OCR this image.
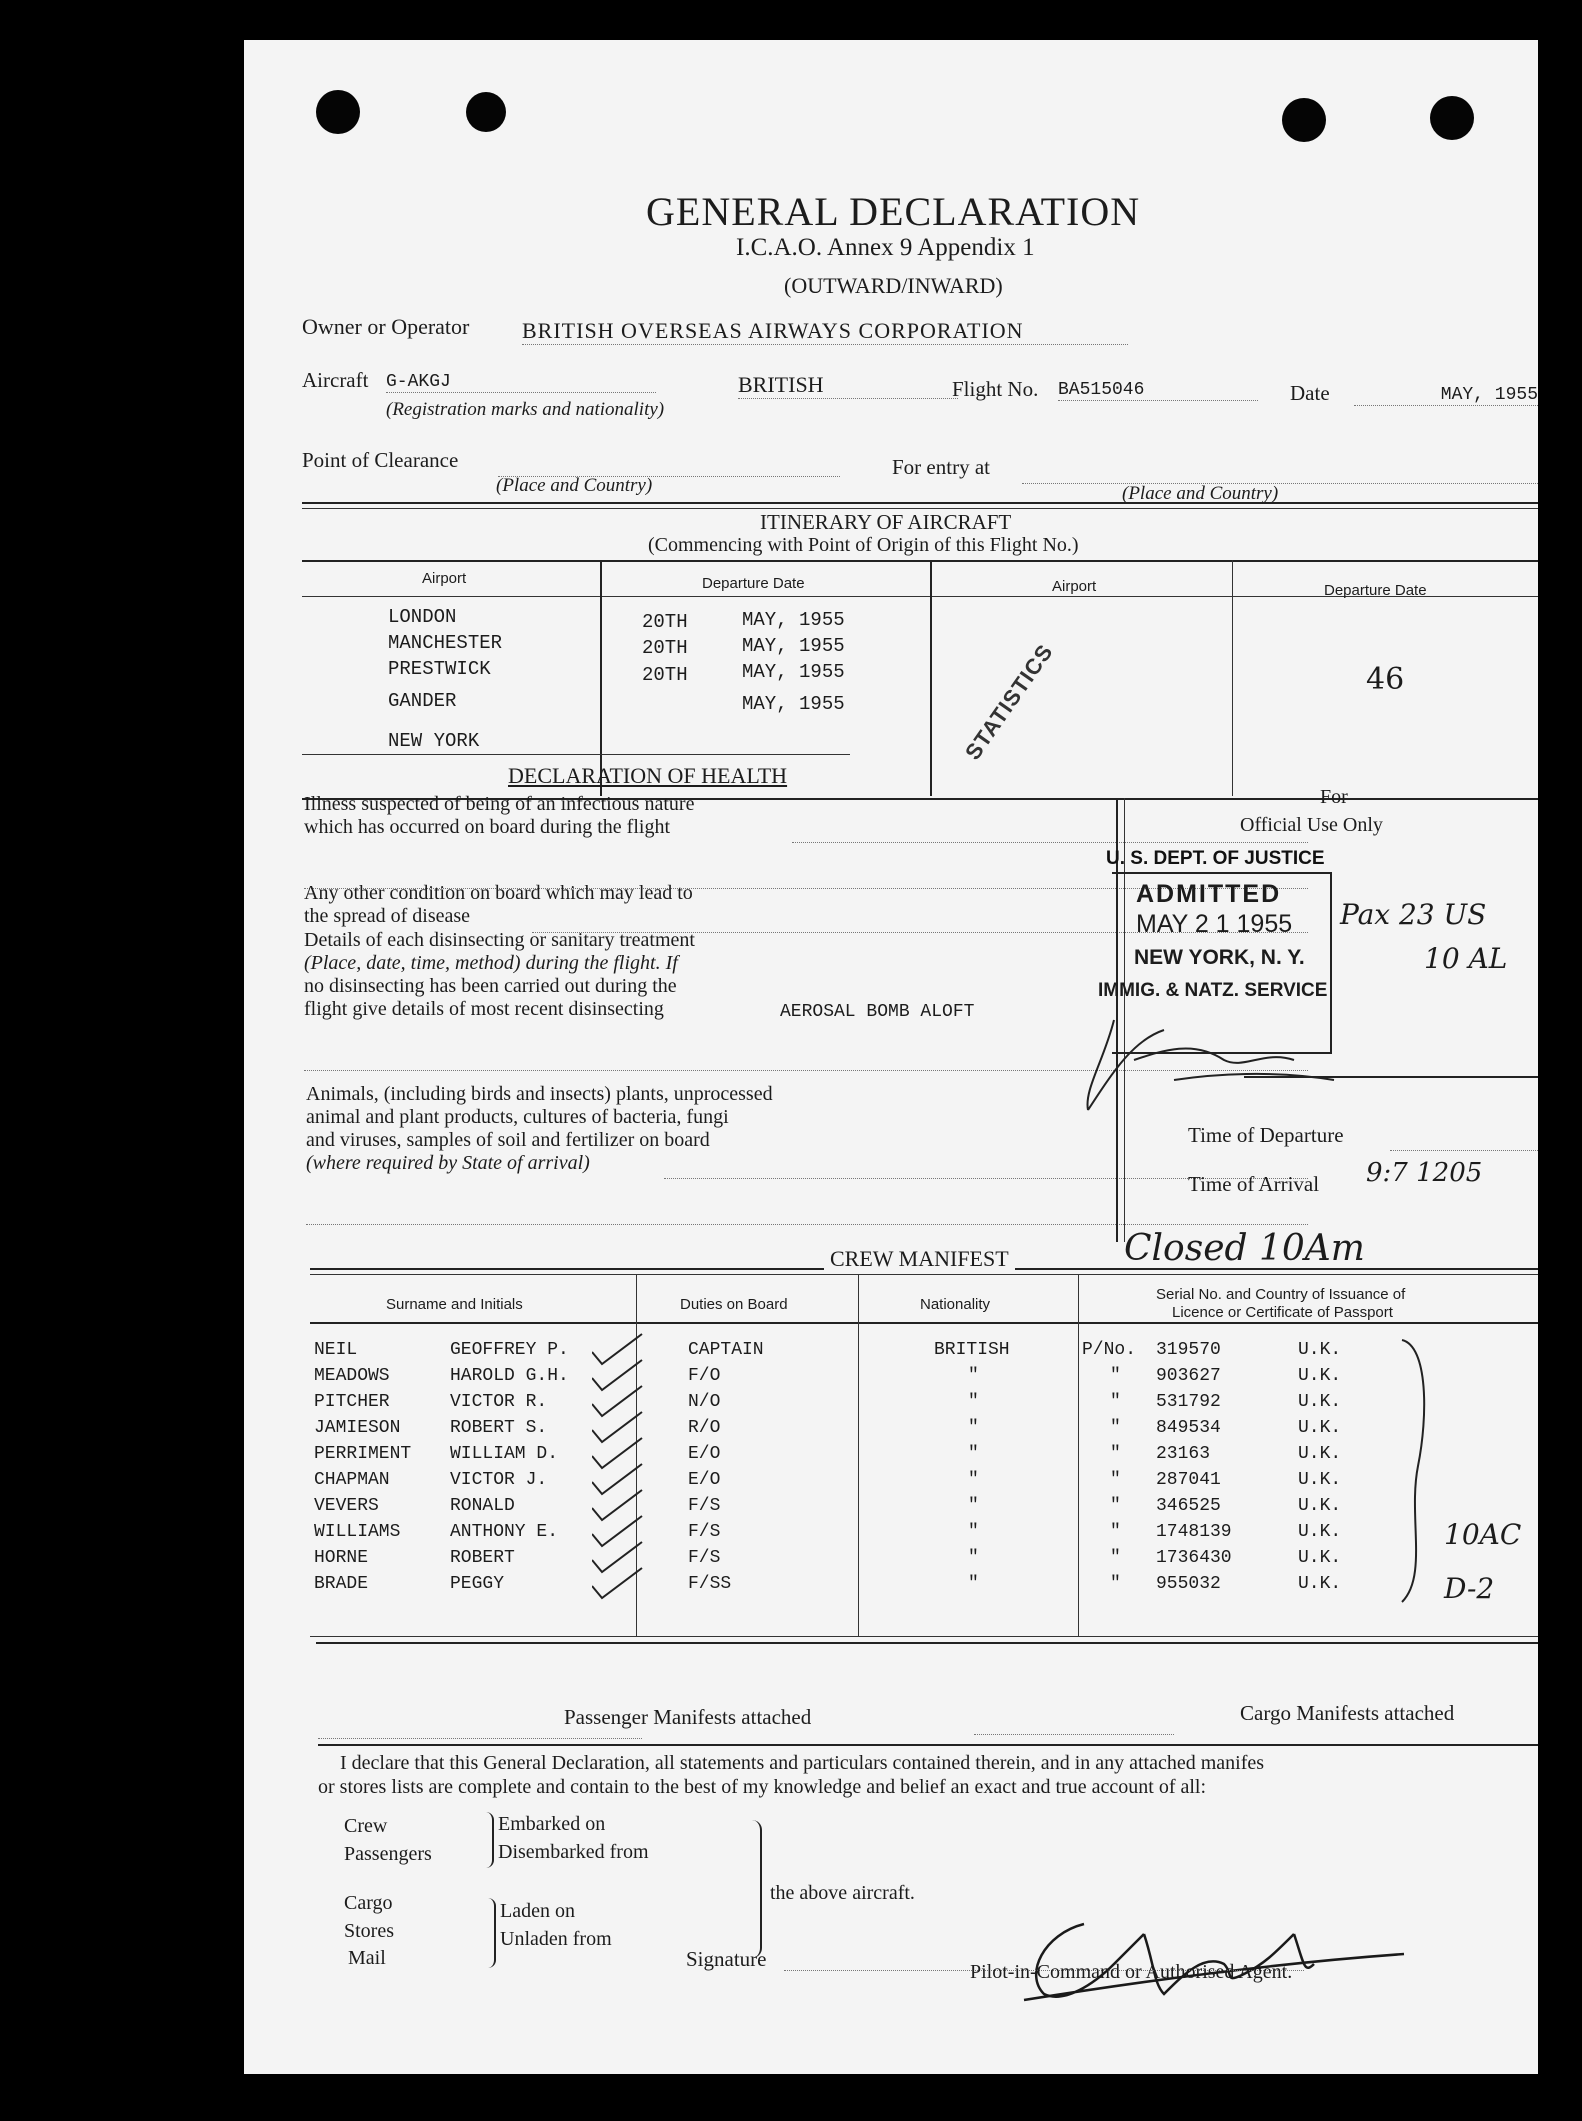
GENERAL DECLARATION
I.C.A.O. Annex 9 Appendix 1
(OUTWARD/INWARD)
Owner or Operator BRITISH OVERSEAS AIRWAYS CORPORATION
Aircraft G-AKGJ	BRITISH
(Registration marks and nationality)
Flight No. BA515046	Date	MAY, 1955
Point of Clearance
(Place and Country)
For entry at
(Place and Country)
ITINERARY OF AIRCRAFT
(Commencing with Point of Origin of this Flight No.)
Airport	Departure Date	Airport	Departure Date
LONDON	20TH	MAY, 1955
MANCHESTER	20TH	MAY, 1955
PRESTWICK	20TH	MAY, 1955
GANDER	MAY, 1955
NEW YORK
46
STATISTICS
DECLARATION OF HEALTH
Illness suspected of being of an infectious nature
which has occurred on board during the flight
Any other condition on board which may lead to
the spread of disease
Details of each disinsecting or sanitary treatment
(Place, date, time, method) during the flight. If
no disinsecting has been carried out during the
flight give details of most recent disinsecting	AEROSAL BOMB ALOFT
Animals, (including birds and insects) plants, unprocessed
animal and plant products, cultures of bacteria, fungi
and viruses, samples of soil and fertilizer on board
(where required by State of arrival)
For
Official Use Only
U. S. DEPT. OF JUSTICE
ADMITTED
MAY 2 1 1955
NEW YORK, N. Y.
IMMIG. & NATZ. SERVICE
Pax 23 US
10 AL
Time of Departure
Time of Arrival 9:7 1205
Closed 10Am
CREW MANIFEST
Surname and Initials	Duties on Board	Nationality
Serial No. and Country of Issuance of
Licence or Certificate of Passport
NEIL	GEOFFREY P.	CAPTAIN	BRITISH	P/No. 319570	U.K.
MEADOWS	HAROLD G.H.	F/O	"	" 903627	U.K.
PITCHER	VICTOR R.	N/O	"	" 531792	U.K.
JAMIESON	ROBERT S.	R/O	"	" 849534	U.K.
PERRIMENT WILLIAM D.	E/O	"	" 23163	U.K.
CHAPMAN	VICTOR J.	E/O	"	" 287041	U.K.
VEVERS	RONALD	F/S	"	" 346525	U.K.
WILLIAMS	ANTHONY E.	F/S	"	" 1748139	U.K.
HORNE	ROBERT	F/S	"	" 1736430	U.K.
BRADE	PEGGY	F/SS	"	" 955032	U.K.
10AC
D-2
Passenger Manifests attached	Cargo Manifests attached
I declare that this General Declaration, all statements and particulars contained therein, and in any attached manifes
or stores lists are complete and contain to the best of my knowledge and belief an exact and true account of all:
Crew
Passengers
Embarked on
Disembarked from
Cargo
Stores
Mail
Laden on
Unladen from
the above aircraft.
Signature
Pilot-in-Command or Authorised Agent.
